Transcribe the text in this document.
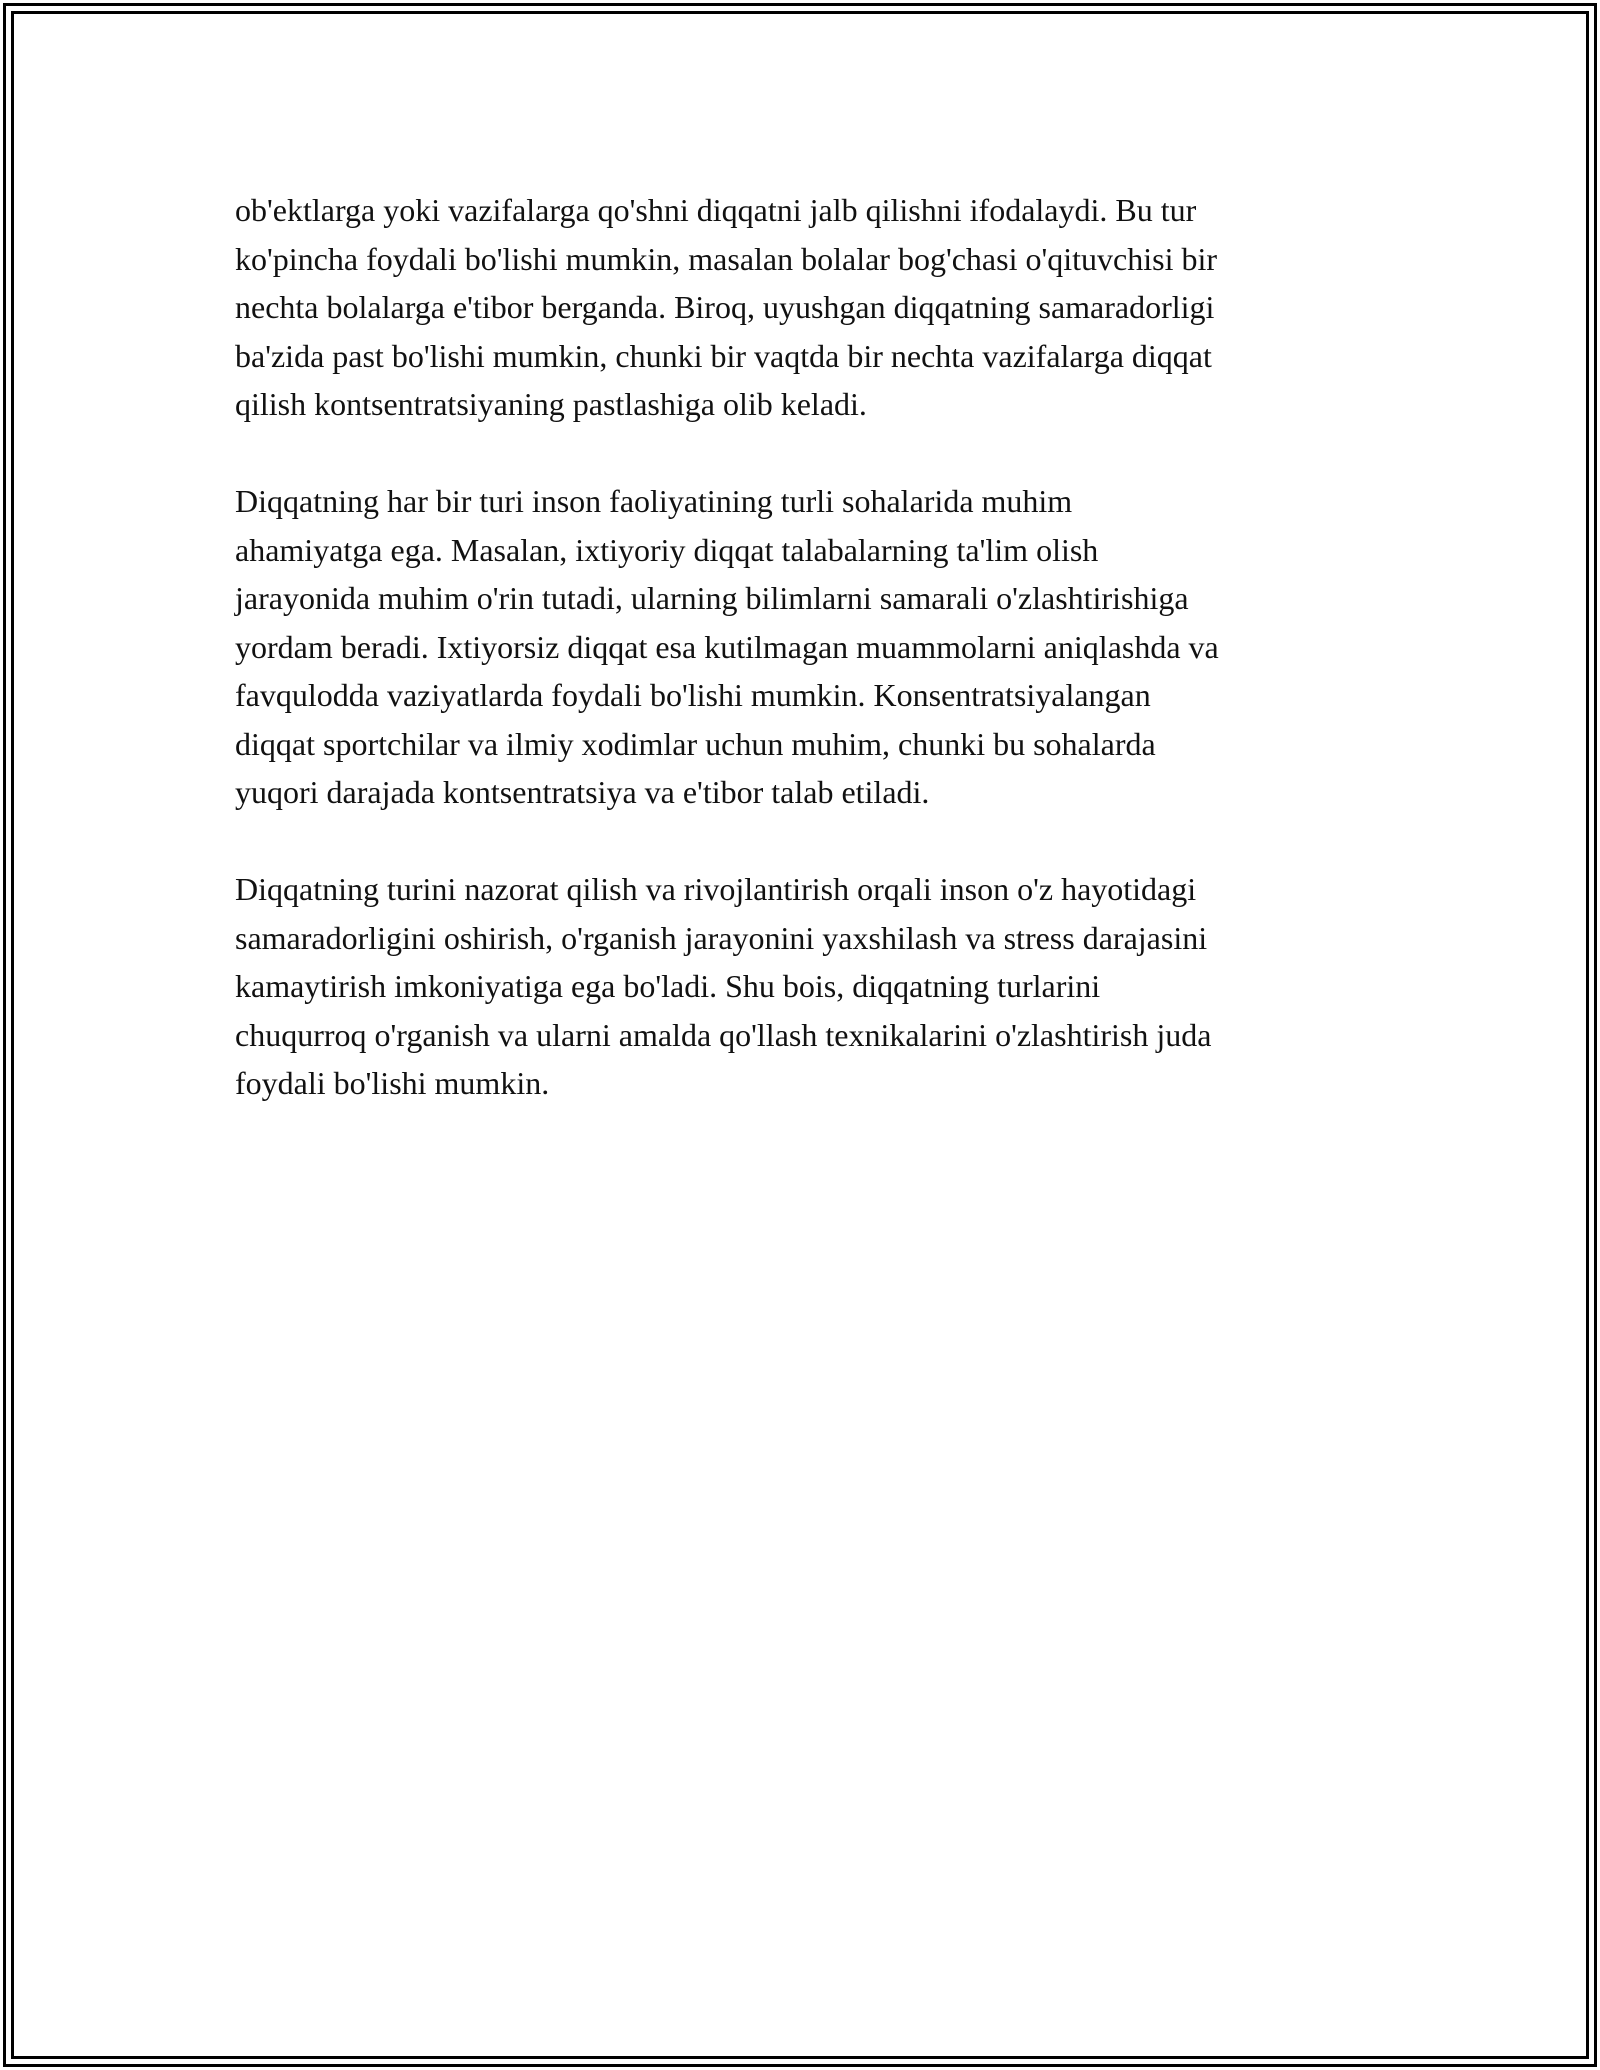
ob'ektlarga yoki vazifalarga qo'shni diqqatni jalb qilishni ifodalaydi. Bu tur
ko'pincha foydali bo'lishi mumkin, masalan bolalar bog'chasi o'qituvchisi bir
nechta bolalarga e'tibor berganda. Biroq, uyushgan diqqatning samaradorligi
ba'zida past bo'lishi mumkin, chunki bir vaqtda bir nechta vazifalarga diqqat
qilish kontsentratsiyaning pastlashiga olib keladi.

Diqqatning har bir turi inson faoliyatining turli sohalarida muhim
ahamiyatga ega. Masalan, ixtiyoriy diqqat talabalarning ta'lim olish
jarayonida muhim o'rin tutadi, ularning bilimlarni samarali o'zlashtirishiga
yordam beradi. Ixtiyorsiz diqqat esa kutilmagan muammolarni aniqlashda va
favqulodda vaziyatlarda foydali bo'lishi mumkin. Konsentratsiyalangan
diqqat sportchilar va ilmiy xodimlar uchun muhim, chunki bu sohalarda
yuqori darajada kontsentratsiya va e'tibor talab etiladi.

Diqqatning turini nazorat qilish va rivojlantirish orqali inson o'z hayotidagi
samaradorligini oshirish, o'rganish jarayonini yaxshilash va stress darajasini
kamaytirish imkoniyatiga ega bo'ladi. Shu bois, diqqatning turlarini
chuqurroq o'rganish va ularni amalda qo'llash texnikalarini o'zlashtirish juda
foydali bo'lishi mumkin.
